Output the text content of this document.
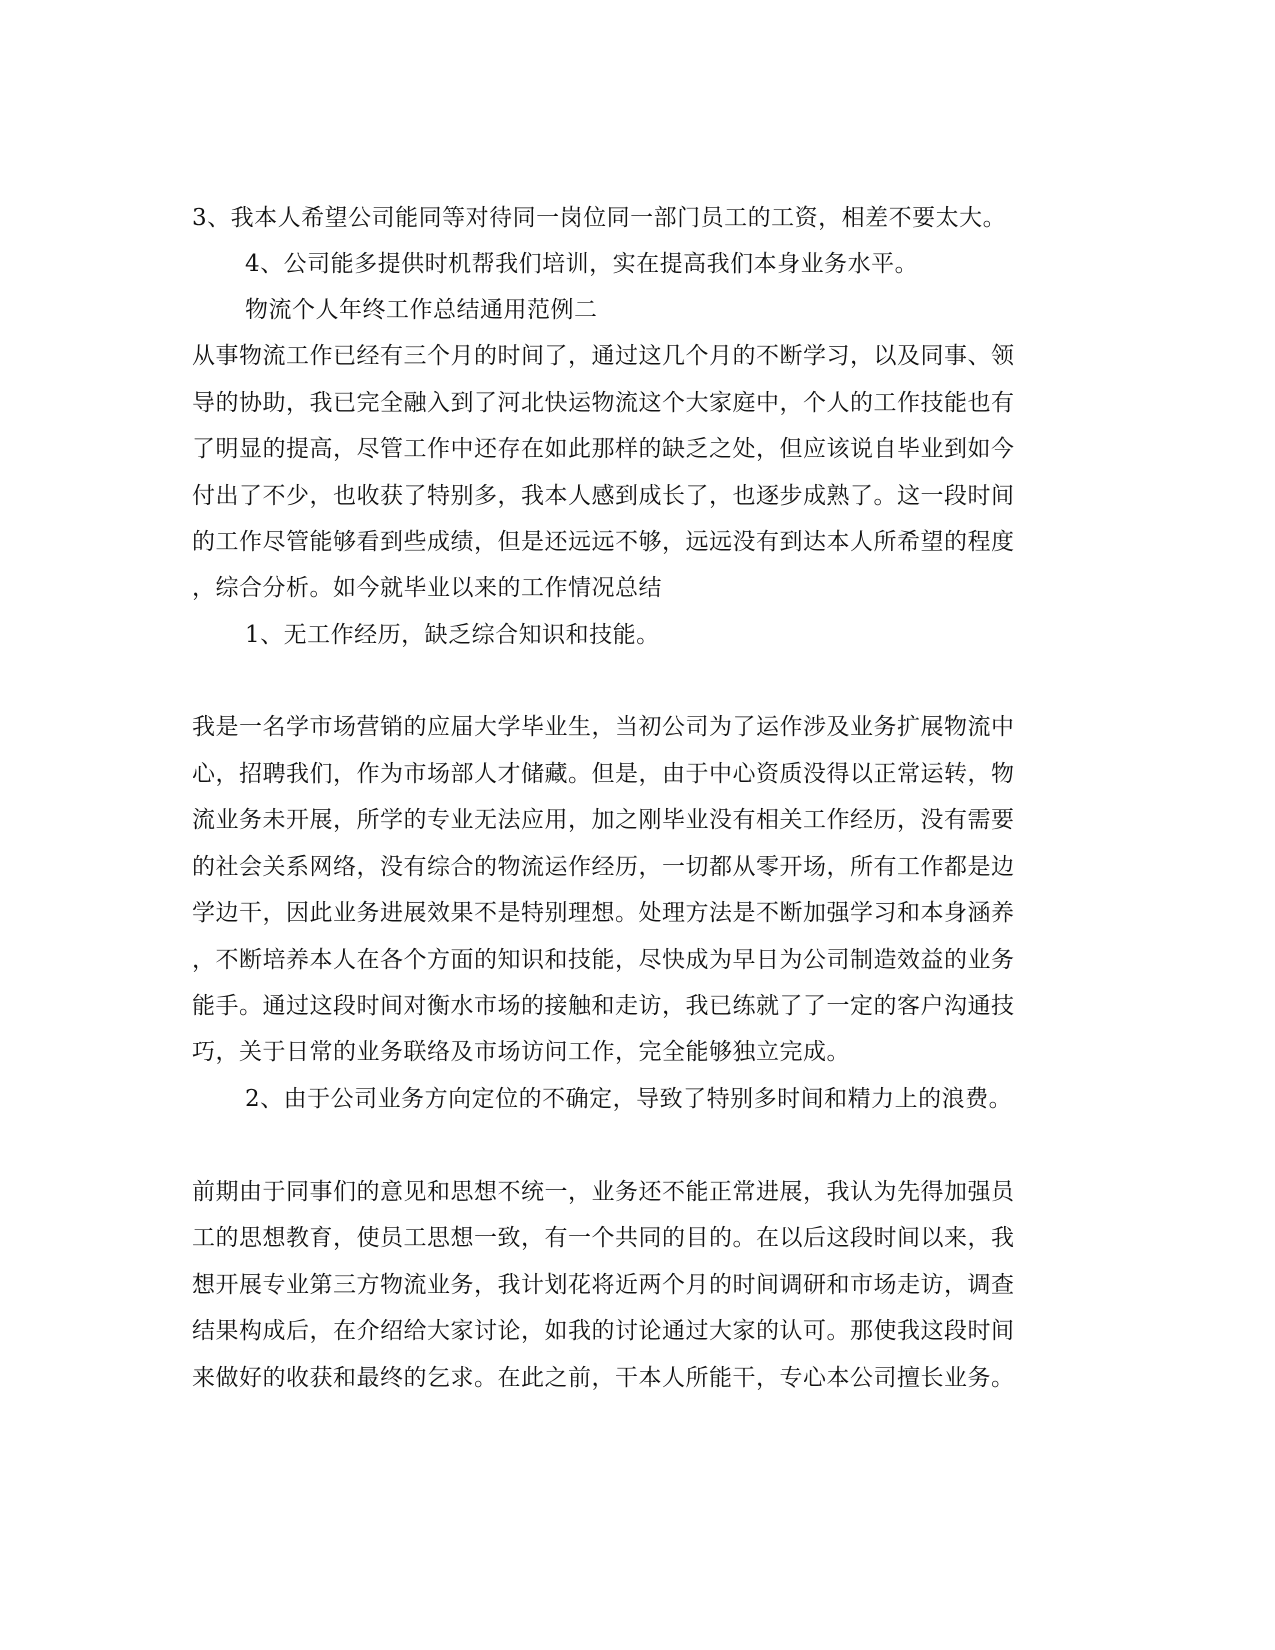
3、我本人希望公司能同等对待同一岗位同一部门员工的工资，相差不要太大。
4、公司能多提供时机帮我们培训，实在提高我们本身业务水平。
物流个人年终工作总结通用范例二
从事物流工作已经有三个月的时间了，通过这几个月的不断学习，以及同事、领
导的协助，我已完全融入到了河北快运物流这个大家庭中，个人的工作技能也有
了明显的提高，尽管工作中还存在如此那样的缺乏之处，但应该说自毕业到如今
付出了不少，也收获了特别多，我本人感到成长了，也逐步成熟了。这一段时间
的工作尽管能够看到些成绩，但是还远远不够，远远没有到达本人所希望的程度
，综合分析。如今就毕业以来的工作情况总结
1、无工作经历，缺乏综合知识和技能。
我是一名学市场营销的应届大学毕业生，当初公司为了运作涉及业务扩展物流中
心，招聘我们，作为市场部人才储藏。但是，由于中心资质没得以正常运转，物
流业务未开展，所学的专业无法应用，加之刚毕业没有相关工作经历，没有需要
的社会关系网络，没有综合的物流运作经历，一切都从零开场，所有工作都是边
学边干，因此业务进展效果不是特别理想。处理方法是不断加强学习和本身涵养
，不断培养本人在各个方面的知识和技能，尽快成为早日为公司制造效益的业务
能手。通过这段时间对衡水市场的接触和走访，我已练就了了一定的客户沟通技
巧，关于日常的业务联络及市场访问工作，完全能够独立完成。
2、由于公司业务方向定位的不确定，导致了特别多时间和精力上的浪费。
前期由于同事们的意见和思想不统一，业务还不能正常进展，我认为先得加强员
工的思想教育，使员工思想一致，有一个共同的目的。在以后这段时间以来，我
想开展专业第三方物流业务，我计划花将近两个月的时间调研和市场走访，调查
结果构成后，在介绍给大家讨论，如我的讨论通过大家的认可。那使我这段时间
来做好的收获和最终的乞求。在此之前，干本人所能干，专心本公司擅长业务。
